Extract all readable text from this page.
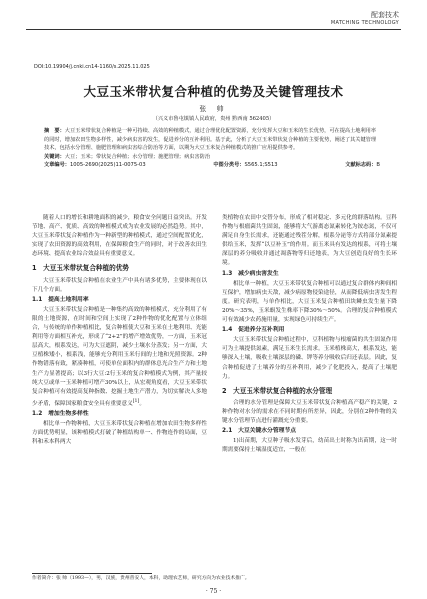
配套技术
MATCHING TECHNOLOGY
DOI:10.19904/j.cnki.cn14-1160/s.2025.11.025
大豆玉米带状复合种植的优势及关键管理技术
张 帅
（兴义市鲁屯镇镇人民政府，贵州 黔西南 562405）
摘　要：大豆玉米带状复合种植是一种可持续、高效的种植模式，通过合理优化配置资源，充分发挥大豆和玉米的生长优势，可在提高土地利用率的同时，增加农田生物多样性，减少病虫害的发生，促进养分的互补利用。基于此，分析了大豆玉米带状复合种植的主要优势，阐述了其关键管理技术，包括水分管理、施肥管理和病虫害综合防治等方面，以期为大豆玉米复合种植模式的推广应用提供参考。
关键词：大豆；玉米；带状复合种植；水分管理；施肥管理；病虫害防治
文章编号：1005-2690(2025)11-0075-03	中图分类号：S565.1;S513	文献标志码：B

随着人口的增长和耕地面积的减少，粮食安全问题日益突出。开发节地、高产、优质、高效的种植模式成为农业发展的必然趋势。其中，大豆玉米带状复合种植作为一种新型的种植模式，通过空间配置优化，实现了农田资源的高效利用，在保障粮食生产的同时，对于改善农田生态环境、提高农业综合效益具有重要意义。

1　大豆玉米带状复合种植的优势

大豆玉米带状复合种植在农业生产中具有诸多优势，主要体现在以下几个方面。

1.1　提高土地利用率

大豆玉米带状复合种植是一种集约高效的种植模式，充分利用了有限的土地资源，在时间和空间上实现了2种作物的优化配置与立体组合，与传统的单作种植相比，复合种植使大豆和玉米在土地利用、光能利用等方面相互补充，形成了“2+2”的增产增效优势，一方面，玉米冠层高大，根系发达，可为大豆遮阴，减少土壤水分蒸发；另一方面，大豆植株矮小，根系浅，能够充分利用玉米行间的土地和光照资源。2种作物错落有致，紧凑种植，可使单位面积内的群体总光合生产力和土地生产力显著提高；以3行大豆:2行玉米的复合种植模式为例，其产量较纯大豆或单一玉米种植可增产30%以上，从宏观角度看，大豆玉米带状复合种植可有效提高复种指数、挖掘土地生产潜力，为切实解决人多地少矛盾，保障国家粮食安全具有重要意义[1]。

1.2　增加生物多样性

相比单一作物种植，大豆玉米带状复合种植在增加农田生物多样性方面优势明显，该种植模式打破了种植结构单一、作物连作的局面，豆科和禾本科两大

类植物在农田中交替分布，形成了相对稳定、多元化的群落结构。豆科作物与根瘤菌共生固氮，能够将大气游离态氮素转化为铵态氮，不仅可满足自身生长需求，还能通过残茬分解，根系分泌等方式将部分氮素提供给玉米，发挥“以豆补玉”的作用。而玉米具有发达的根系，可将土壤深层的养分吸收并通过凋落物等归还地表，为大豆创造良好的生长环境。

1.3　减少病虫害发生

相比单一种植，大豆玉米带状复合种植可以通过复合群体内种间相互保护，增加病虫天敌，减少病原物侵染途径，从而降低病虫害发生程度。研究表明，与单作相比，大豆玉米复合种植田块鳞虫发生量下降20%～35%，玉米螟发生株率下降30%～50%。合理的复合种植模式可有效减少农药施用量，实现绿色可持续生产。

1.4　促进养分互补利用

大豆玉米带状复合种植过程中，豆科植物与根瘤菌的共生固氮作用可为土壤提供氮素，满足玉米生长需求。玉米植株高大，根系发达，能够深入土壤，吸收土壤深层的磷、钾等养分吸收后归还表层。因此，复合种植促进了土壤养分的互补利用，减少了化肥投入，提高了土壤肥力。

2　大豆玉米带状复合种植的水分管理

合理的水分管理是保障大豆玉米带状复合种植高产稳产的关键，2种作物对水分的需求在不同时期有所差异，因此，分别在2种作物的关键水分管理节点进行灌溉充分重要。

2.1　大豆关键水分管理节点

1)出苗期，大豆种子吸水发芽后，幼苗出土时称为出苗期，这一时期需要保持土壤湿度适宜，一般在

作者简介：张 帅（1993—），男，汉族，贵州普安人，本科，助理农艺师，研究方向为农业技术推广。
· 75 ·
